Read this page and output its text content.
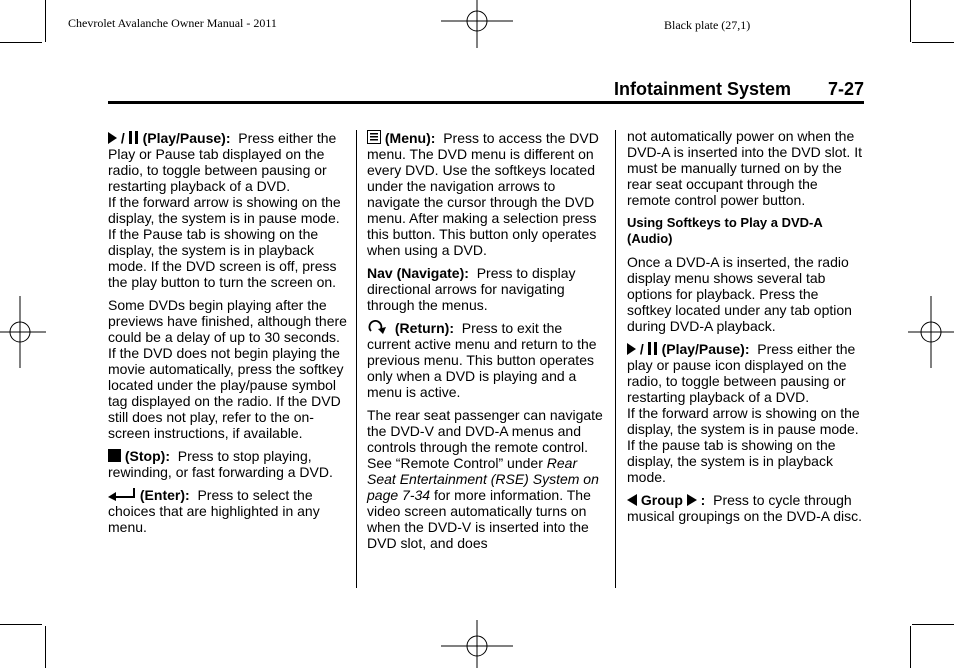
Chevrolet Avalanche Owner Manual - 2011	Black plate (27,1)
Infotainment System 7-27

/ (Play/Pause): Press either the Play or Pause tab displayed on the radio, to toggle between pausing or restarting playback of a DVD.
If the forward arrow is showing on the display, the system is in pause mode. If the Pause tab is showing on the display, the system is in playback mode. If the DVD screen is off, press the play button to turn the screen on.

Some DVDs begin playing after the previews have finished, although there could be a delay of up to 30 seconds. If the DVD does not begin playing the movie automatically, press the softkey located under the play/pause symbol tag displayed on the radio. If the DVD still does not play, refer to the on-screen instructions, if available.

(Stop): Press to stop playing, rewinding, or fast forwarding a DVD.

(Enter): Press to select the choices that are highlighted in any menu.

(Menu): Press to access the DVD menu. The DVD menu is different on every DVD. Use the softkeys located under the navigation arrows to navigate the cursor through the DVD menu. After making a selection press this button. This button only operates when using a DVD.

Nav (Navigate): Press to display directional arrows for navigating through the menus.

(Return): Press to exit the current active menu and return to the previous menu. This button operates only when a DVD is playing and a menu is active.

The rear seat passenger can navigate the DVD-V and DVD-A menus and controls through the remote control. See “Remote Control” under Rear Seat Entertainment (RSE) System on page 7-34 for more information. The video screen automatically turns on when the DVD-V is inserted into the DVD slot, and does

not automatically power on when the DVD-A is inserted into the DVD slot. It must be manually turned on by the rear seat occupant through the remote control power button.

Using Softkeys to Play a DVD-A (Audio)

Once a DVD-A is inserted, the radio display menu shows several tab options for playback. Press the softkey located under any tab option during DVD-A playback.

/ (Play/Pause): Press either the play or pause icon displayed on the radio, to toggle between pausing or restarting playback of a DVD.
If the forward arrow is showing on the display, the system is in pause mode. If the pause tab is showing on the display, the system is in playback mode.

Group : Press to cycle through musical groupings on the DVD-A disc.
